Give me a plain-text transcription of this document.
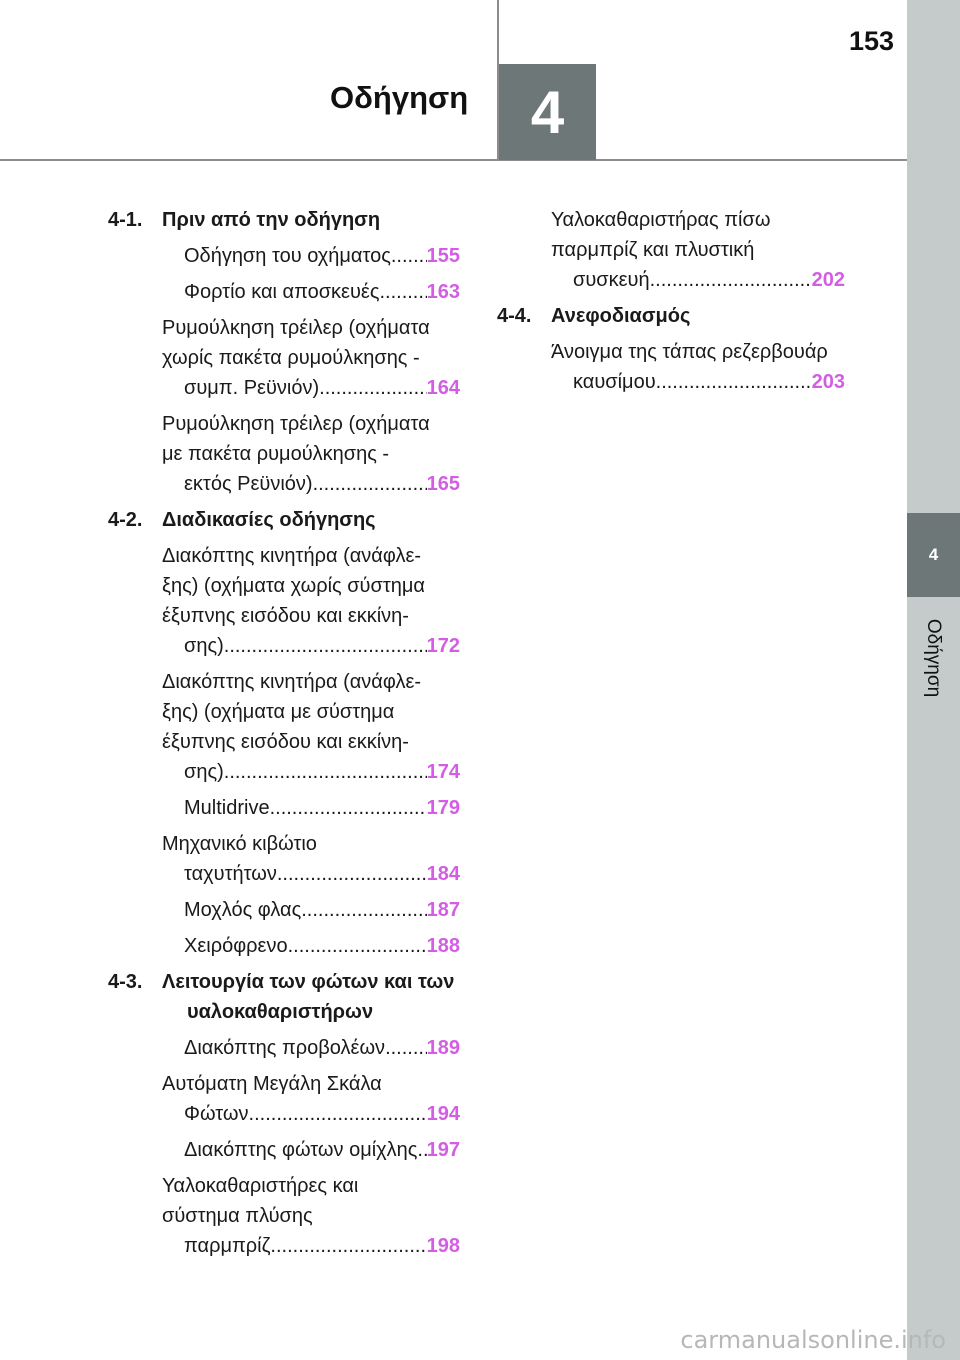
153
Οδήγηση	4
4
Οδήγηση
4-1. Πριν από την οδήγηση
Οδήγηση του οχήματος ..... 155
Φορτίο και αποσκευές ..... 163
Ρυμούλκηση τρέιλερ (οχήματα
χωρίς πακέτα ρυμούλκησης -
συμπ. Ρεϋνιόν) .....	164
Ρυμούλκηση τρέιλερ (οχήματα
με πακέτα ρυμούλκησης -
εκτός Ρεϋνιόν) .....	165
4-2. Διαδικασίες οδήγησης
Διακόπτης κινητήρα (ανάφλε-
ξης) (οχήματα χωρίς σύστημα
έξυπνης εισόδου και εκκίνη-
σης) .....	172
Διακόπτης κινητήρα (ανάφλε-
ξης) (οχήματα με σύστημα
έξυπνης εισόδου και εκκίνη-
σης) .....	174
Multidrive .....	179
Μηχανικό κιβώτιο
ταχυτήτων .....	184
Μοχλός φλας .....	187
Χειρόφρενο .....	188
4-3. Λειτουργία των φώτων και των υαλοκαθαριστήρων
Διακόπτης προβολέων ..... 189
Αυτόματη Μεγάλη Σκάλα
Φώτων .....	194
Διακόπτης φώτων ομίχλης ..... 197
Υαλοκαθαριστήρες και
σύστημα πλύσης
παρμπρίζ .....	198
Υαλοκαθαριστήρας πίσω
παρμπρίζ και πλυστική
συσκευή .....	202
4-4. Ανεφοδιασμός
Άνοιγμα της τάπας ρεζερβουάρ
καυσίμου .....	203
carmanualsonline.info
